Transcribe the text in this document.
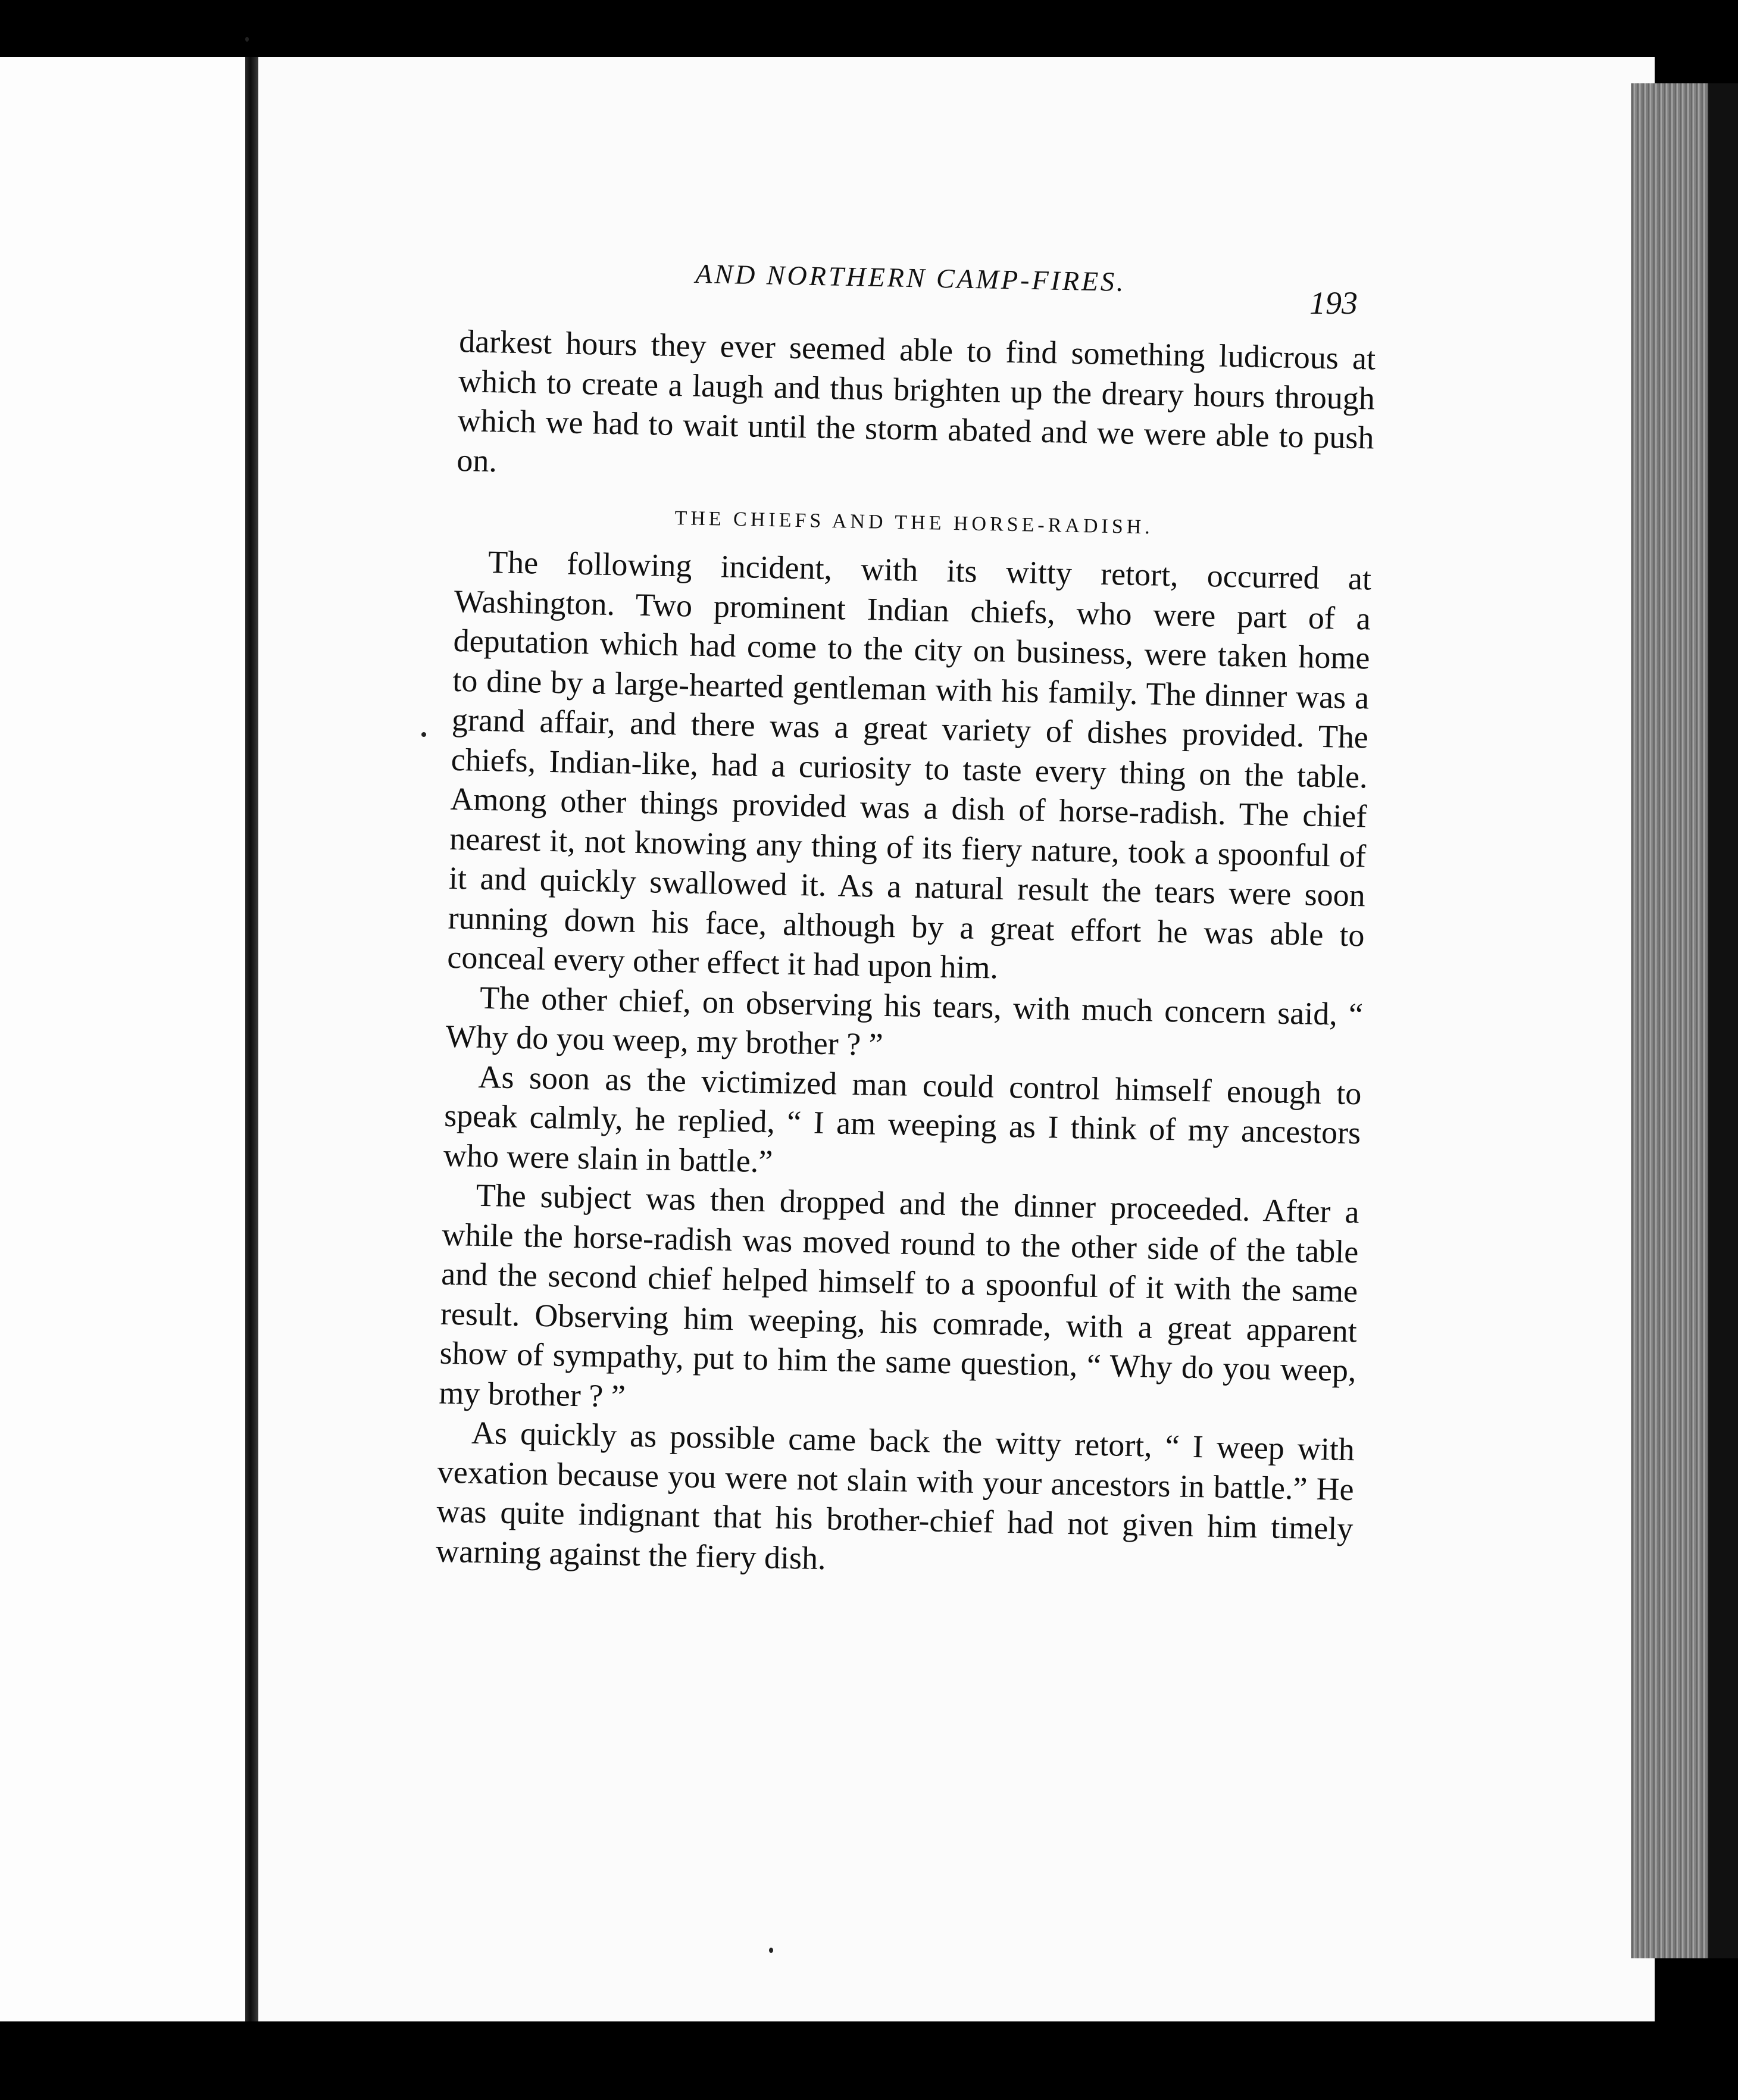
AND NORTHERN CAMP-FIRES.
193

darkest hours they ever seemed able to find something ludicrous at which to create a laugh and thus brighten up the dreary hours through which we had to wait until the storm abated and we were able to push on.

THE CHIEFS AND THE HORSE-RADISH.

The following incident, with its witty retort, occurred at Washington. Two prominent Indian chiefs, who were part of a deputation which had come to the city on business, were taken home to dine by a large-hearted gentleman with his family. The dinner was a grand affair, and there was a great variety of dishes provided. The chiefs, Indian-like, had a curiosity to taste every thing on the table. Among other things provided was a dish of horse-radish. The chief nearest it, not knowing any thing of its fiery nature, took a spoonful of it and quickly swallowed it. As a natural result the tears were soon running down his face, although by a great effort he was able to conceal every other effect it had upon him.

The other chief, on observing his tears, with much concern said, “ Why do you weep, my brother ? ”

As soon as the victimized man could control himself enough to speak calmly, he replied, “ I am weeping as I think of my ancestors who were slain in battle.”

The subject was then dropped and the dinner proceeded. After a while the horse-radish was moved round to the other side of the table and the second chief helped himself to a spoonful of it with the same result. Observing him weeping, his comrade, with a great apparent show of sympathy, put to him the same question, “ Why do you weep, my brother ? ”

As quickly as possible came back the witty retort, “ I weep with vexation because you were not slain with your ancestors in battle.” He was quite indignant that his brother-chief had not given him timely warning against the fiery dish.
